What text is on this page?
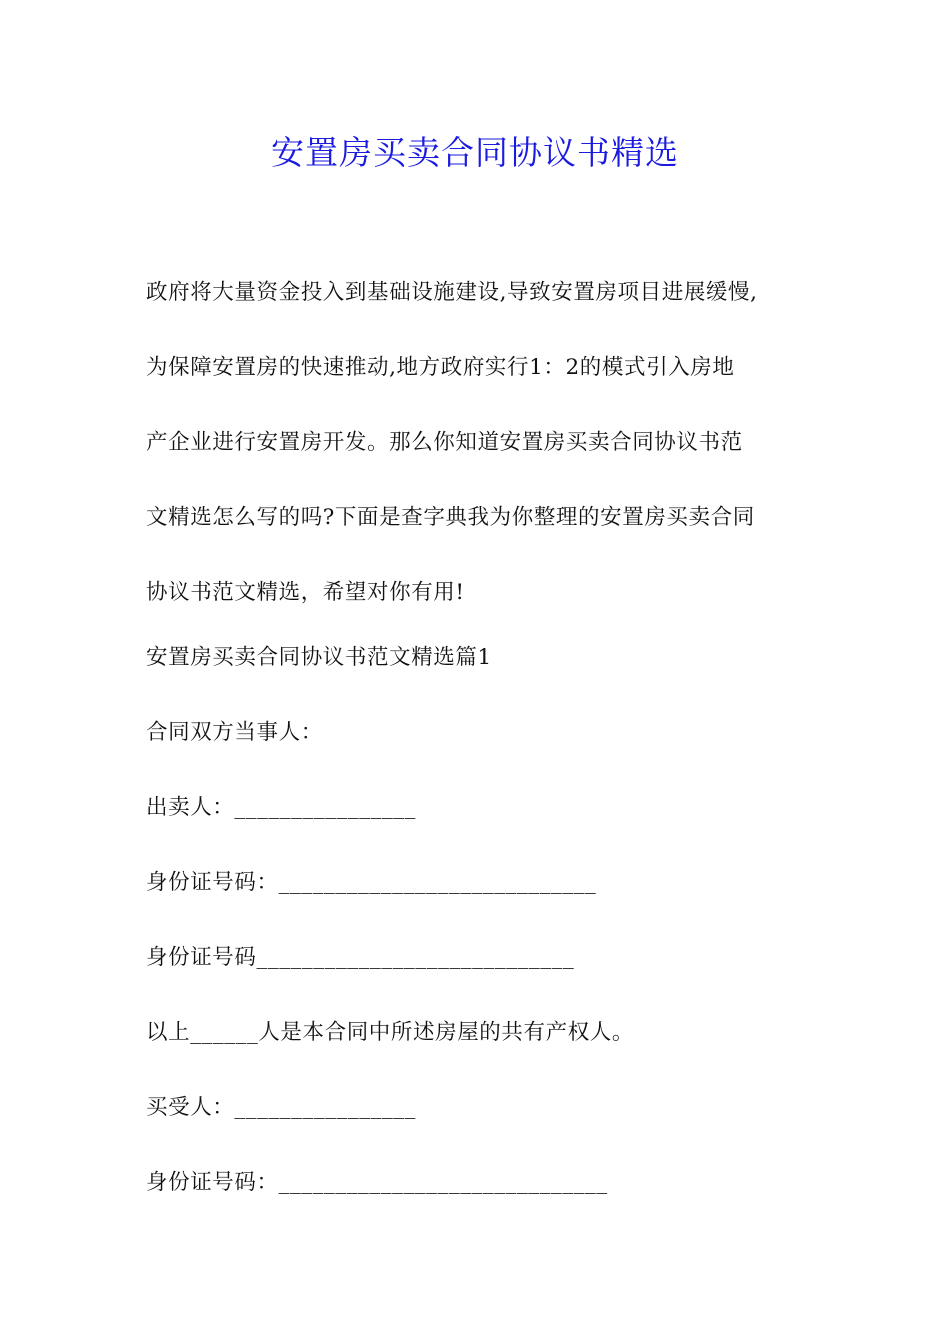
安置房买卖合同协议书精选
政府将大量资金投入到基础设施建设,导致安置房项目进展缓慢,
为保障安置房的快速推动,地方政府实行1：2的模式引入房地
产企业进行安置房开发。那么你知道安置房买卖合同协议书范
文精选怎么写的吗?下面是查字典我为你整理的安置房买卖合同
协议书范文精选，希望对你有用!
安置房买卖合同协议书范文精选篇1
合同双方当事人：
出卖人：________________
身份证号码：____________________________
身份证号码____________________________
以上______人是本合同中所述房屋的共有产权人。
买受人：________________
身份证号码：_____________________________
